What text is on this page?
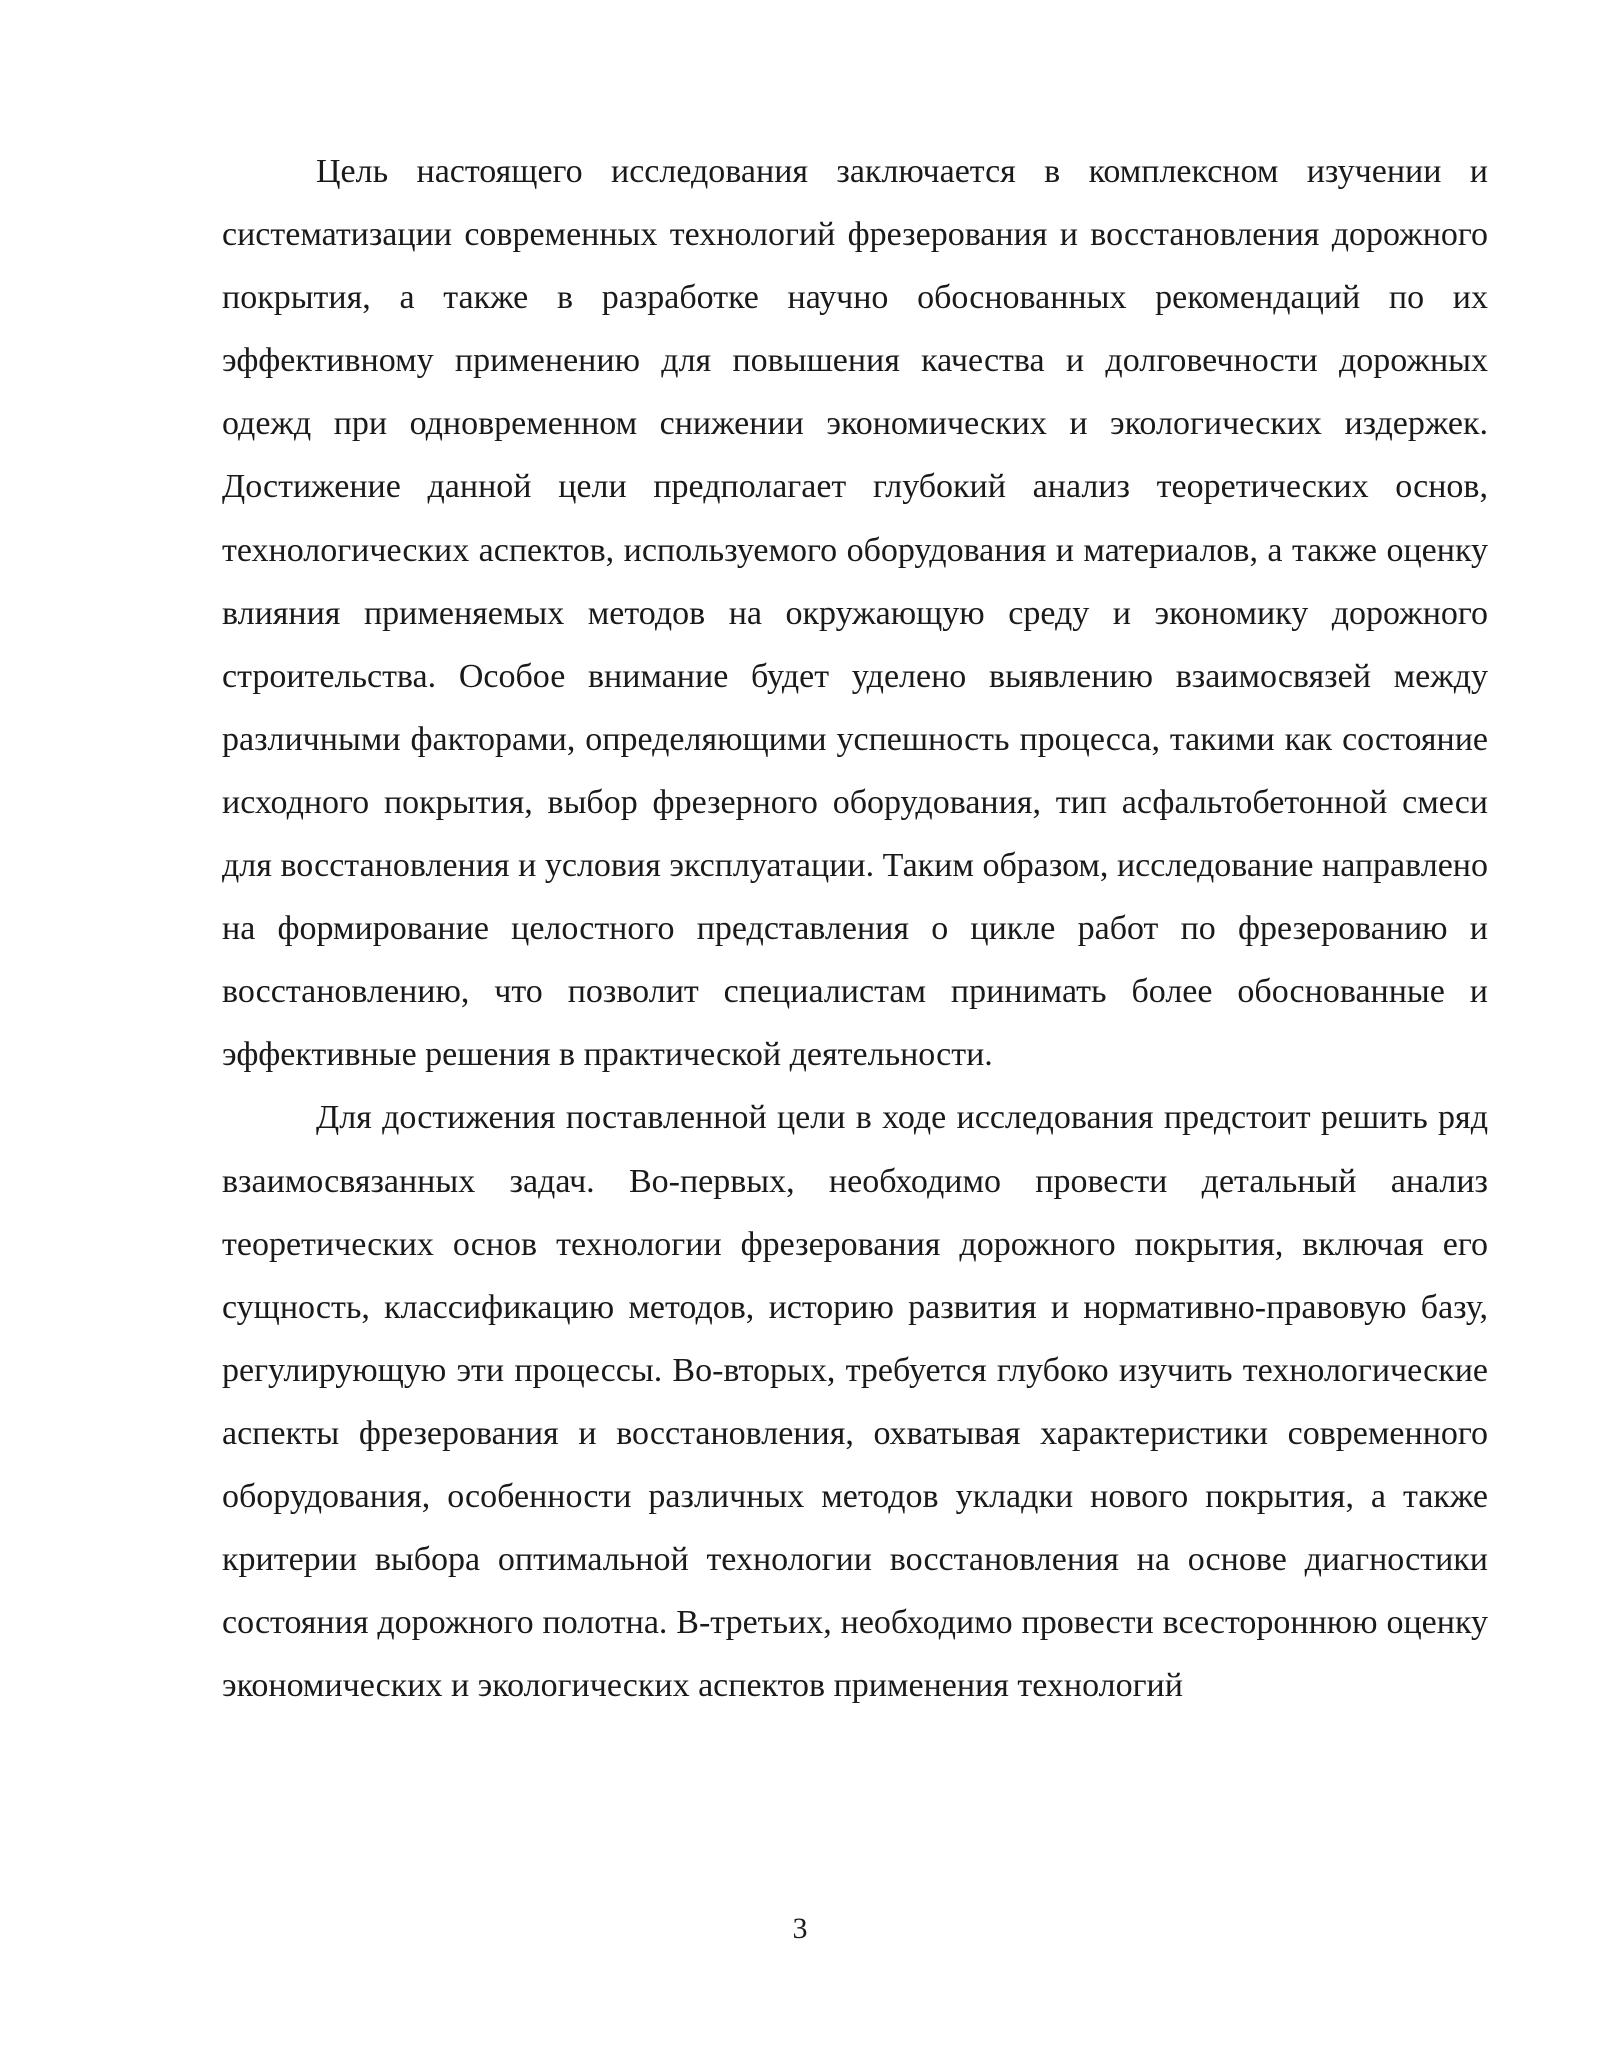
Цель настоящего исследования заключается в комплексном изучении и систематизации современных технологий фрезерования и восстановления дорожного покрытия, а также в разработке научно обоснованных рекомендаций по их эффективному применению для повышения качества и долговечности дорожных одежд при одновременном снижении экономических и экологических издержек. Достижение данной цели предполагает глубокий анализ теоретических основ, технологических аспектов, используемого оборудования и материалов, а также оценку влияния применяемых методов на окружающую среду и экономику дорожного строительства. Особое внимание будет уделено выявлению взаимосвязей между различными факторами, определяющими успешность процесса, такими как состояние исходного покрытия, выбор фрезерного оборудования, тип асфальтобетонной смеси для восстановления и условия эксплуатации. Таким образом, исследование направлено на формирование целостного представления о цикле работ по фрезерованию и восстановлению, что позволит специалистам принимать более обоснованные и эффективные решения в практической деятельности.

Для достижения поставленной цели в ходе исследования предстоит решить ряд взаимосвязанных задач. Во-первых, необходимо провести детальный анализ теоретических основ технологии фрезерования дорожного покрытия, включая его сущность, классификацию методов, историю развития и нормативно-правовую базу, регулирующую эти процессы. Во-вторых, требуется глубоко изучить технологические аспекты фрезерования и восстановления, охватывая характеристики современного оборудования, особенности различных методов укладки нового покрытия, а также критерии выбора оптимальной технологии восстановления на основе диагностики состояния дорожного полотна. В-третьих, необходимо провести всестороннюю оценку экономических и экологических аспектов применения технологий

3
